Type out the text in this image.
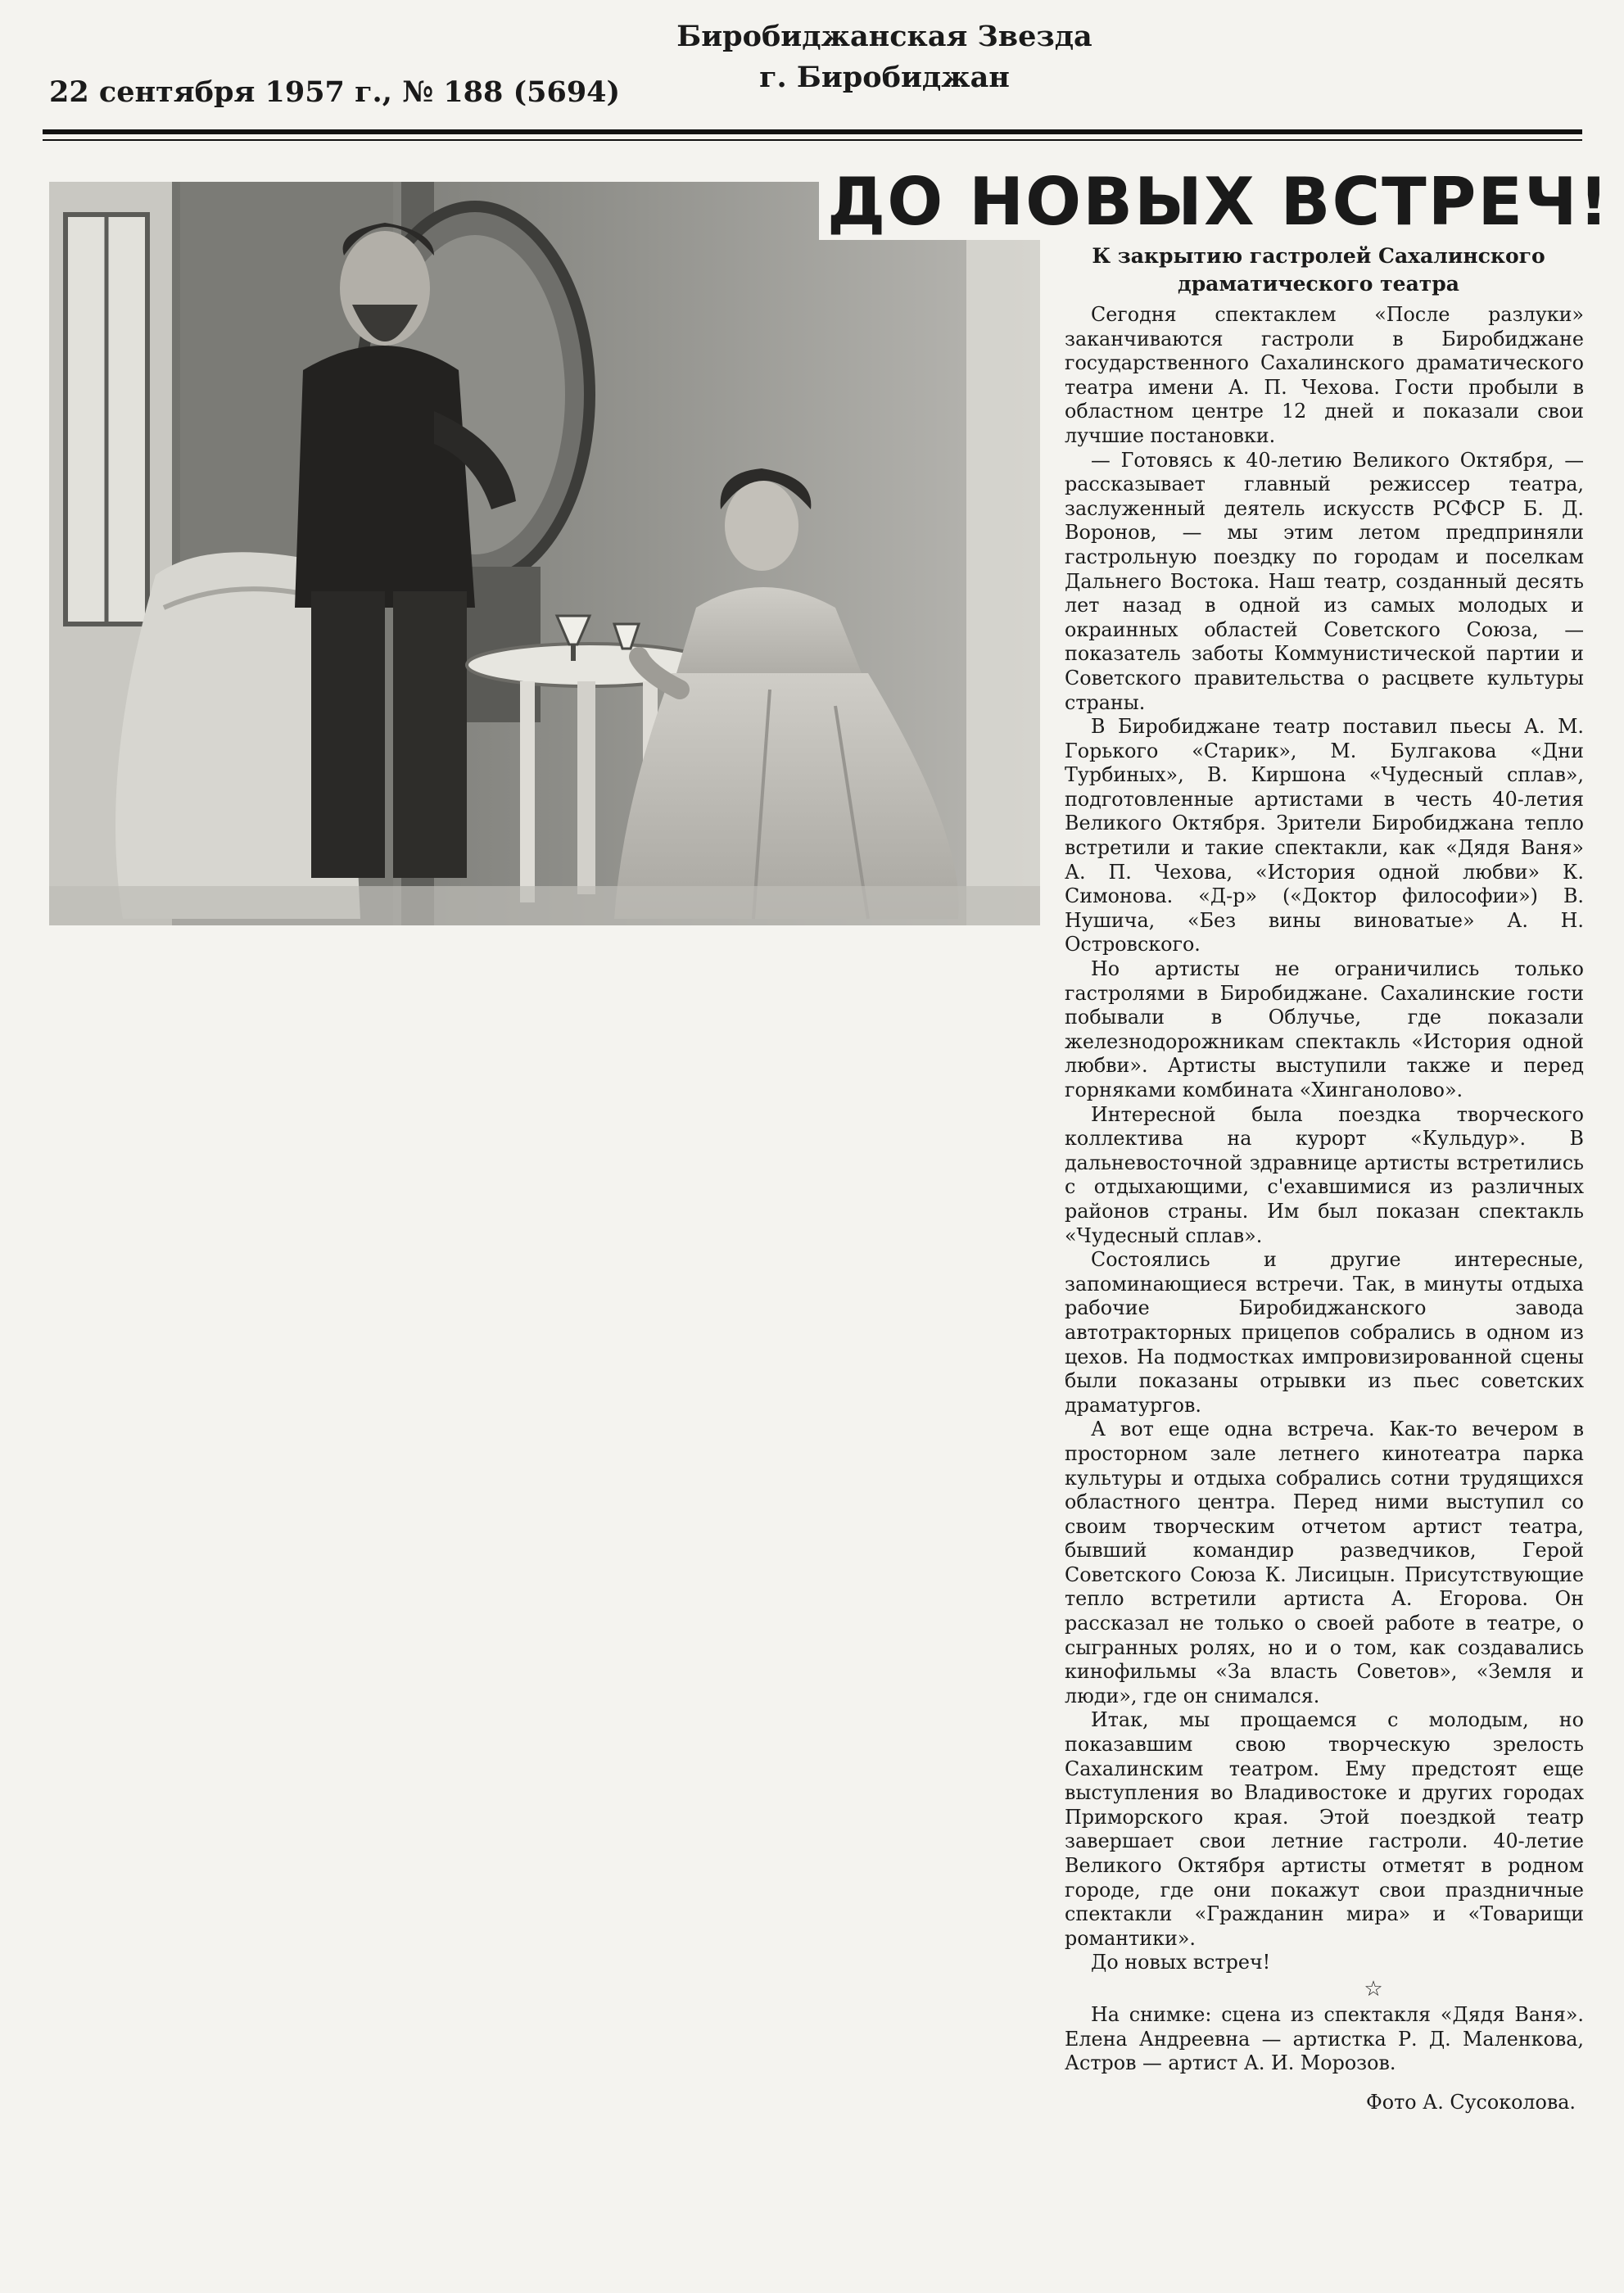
Биробиджанская Звезда
г. Биробиджан
22 сентября 1957 г., № 188 (5694)
ДО НОВЫХ ВСТРЕЧ!
К закрытию гастролей Сахалинского
драматического театра

Сегодня спектаклем «После разлуки» заканчиваются гастроли в Биробиджане государственного Сахалинского драматического театра имени А. П. Чехова. Гости пробыли в областном центре 12 дней и показали свои лучшие постановки.

— Готовясь к 40-летию Великого Октября, — рассказывает главный режиссер театра, заслуженный деятель искусств РСФСР Б. Д. Воронов, — мы этим летом предприняли гастрольную поездку по городам и поселкам Дальнего Востока. Наш театр, созданный десять лет назад в одной из самых молодых и окраинных областей Советского Союза, — показатель заботы Коммунистической партии и Советского правительства о расцвете культуры страны.

В Биробиджане театр поставил пьесы А. М. Горького «Старик», М. Булгакова «Дни Турбиных», В. Киршона «Чудесный сплав», подготовленные артистами в честь 40-летия Великого Октября. Зрители Биробиджана тепло встретили и такие спектакли, как «Дядя Ваня» А. П. Чехова, «История одной любви» К. Симонова. «Д-р» («Доктор философии») В. Нушича, «Без вины виноватые» А. Н. Островского.

Но артисты не ограничились только гастролями в Биробиджане. Сахалинские гости побывали в Облучье, где показали железнодорожникам спектакль «История одной любви». Артисты выступили также и перед горняками комбината «Хинганолово».

Интересной была поездка творческого коллектива на курорт «Кульдур». В дальневосточной здравнице артисты встретились с отдыхающими, с'ехавшимися из различных районов страны. Им был показан спектакль «Чудесный сплав».

Состоялись и другие интересные, запоминающиеся встречи. Так, в минуты отдыха рабочие Биробиджанского завода автотракторных прицепов собрались в одном из цехов. На подмостках импровизированной сцены были показаны отрывки из пьес советских драматургов.

А вот еще одна встреча. Как-то вечером в просторном зале летнего кинотеатра парка культуры и отдыха собрались сотни трудящихся областного центра. Перед ними выступил со своим творческим отчетом артист театра, бывший командир разведчиков, Герой Советского Союза К. Лисицын. Присутствующие тепло встретили артиста А. Егорова. Он рассказал не только о своей работе в театре, о сыгранных ролях, но и о том, как создавались кинофильмы «За власть Советов», «Земля и люди», где он снимался.

Итак, мы прощаемся с молодым, но показавшим свою творческую зрелость Сахалинским театром. Ему предстоят еще выступления во Владивостоке и других городах Приморского края. Этой поездкой театр завершает свои летние гастроли. 40-летие Великого Октября артисты отметят в родном городе, где они покажут свои праздничные спектакли «Гражданин мира» и «Товарищи романтики».

До новых встреч!

☆

На снимке: сцена из спектакля «Дядя Ваня». Елена Андреевна — артистка Р. Д. Маленкова, Астров — артист А. И. Морозов.

Фото А. Сусоколова.
